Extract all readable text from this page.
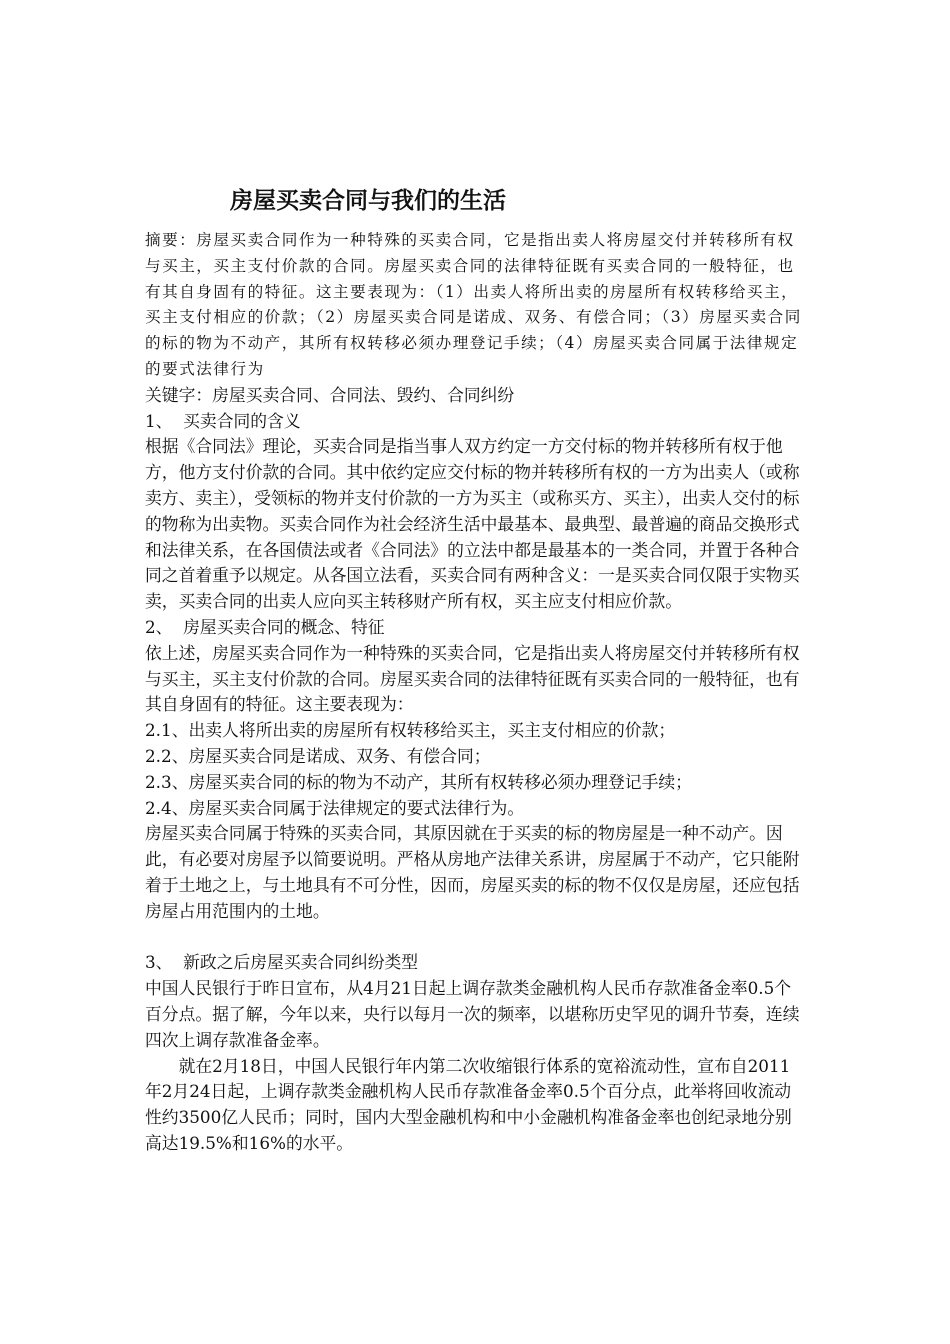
房屋买卖合同与我们的生活

摘要：房屋买卖合同作为一种特殊的买卖合同，它是指出卖人将房屋交付并转移所有权与买主，买主支付价款的合同。房屋买卖合同的法律特征既有买卖合同的一般特征，也有其自身固有的特征。这主要表现为：（1）出卖人将所出卖的房屋所有权转移给买主，买主支付相应的价款；（2）房屋买卖合同是诺成、双务、有偿合同；（3）房屋买卖合同的标的物为不动产，其所有权转移必须办理登记手续；（4）房屋买卖合同属于法律规定的要式法律行为

关键字：房屋买卖合同、合同法、毁约、合同纠纷

1、  买卖合同的含义

根据《合同法》理论，买卖合同是指当事人双方约定一方交付标的物并转移所有权于他方，他方支付价款的合同。其中依约定应交付标的物并转移所有权的一方为出卖人（或称卖方、卖主），受领标的物并支付价款的一方为买主（或称买方、买主），出卖人交付的标的物称为出卖物。买卖合同作为社会经济生活中最基本、最典型、最普遍的商品交换形式和法律关系，在各国债法或者《合同法》的立法中都是最基本的一类合同，并置于各种合同之首着重予以规定。从各国立法看，买卖合同有两种含义：一是买卖合同仅限于实物买卖，买卖合同的出卖人应向买主转移财产所有权，买主应支付相应价款。

2、  房屋买卖合同的概念、特征

依上述，房屋买卖合同作为一种特殊的买卖合同，它是指出卖人将房屋交付并转移所有权与买主，买主支付价款的合同。房屋买卖合同的法律特征既有买卖合同的一般特征，也有其自身固有的特征。这主要表现为：

2.1、出卖人将所出卖的房屋所有权转移给买主，买主支付相应的价款；

2.2、房屋买卖合同是诺成、双务、有偿合同；

2.3、房屋买卖合同的标的物为不动产，其所有权转移必须办理登记手续；

2.4、房屋买卖合同属于法律规定的要式法律行为。

房屋买卖合同属于特殊的买卖合同，其原因就在于买卖的标的物房屋是一种不动产。因此，有必要对房屋予以简要说明。严格从房地产法律关系讲，房屋属于不动产，它只能附着于土地之上，与土地具有不可分性，因而，房屋买卖的标的物不仅仅是房屋，还应包括房屋占用范围内的土地。

3、  新政之后房屋买卖合同纠纷类型

中国人民银行于昨日宣布，从4月21日起上调存款类金融机构人民币存款准备金率0.5个百分点。据了解，今年以来，央行以每月一次的频率，以堪称历史罕见的调升节奏，连续四次上调存款准备金率。

就在2月18日，中国人民银行年内第二次收缩银行体系的宽裕流动性，宣布自2011年2月24日起，上调存款类金融机构人民币存款准备金率0.5个百分点，此举将回收流动性约3500亿人民币；同时，国内大型金融机构和中小金融机构准备金率也创纪录地分别高达19.5%和16%的水平。
